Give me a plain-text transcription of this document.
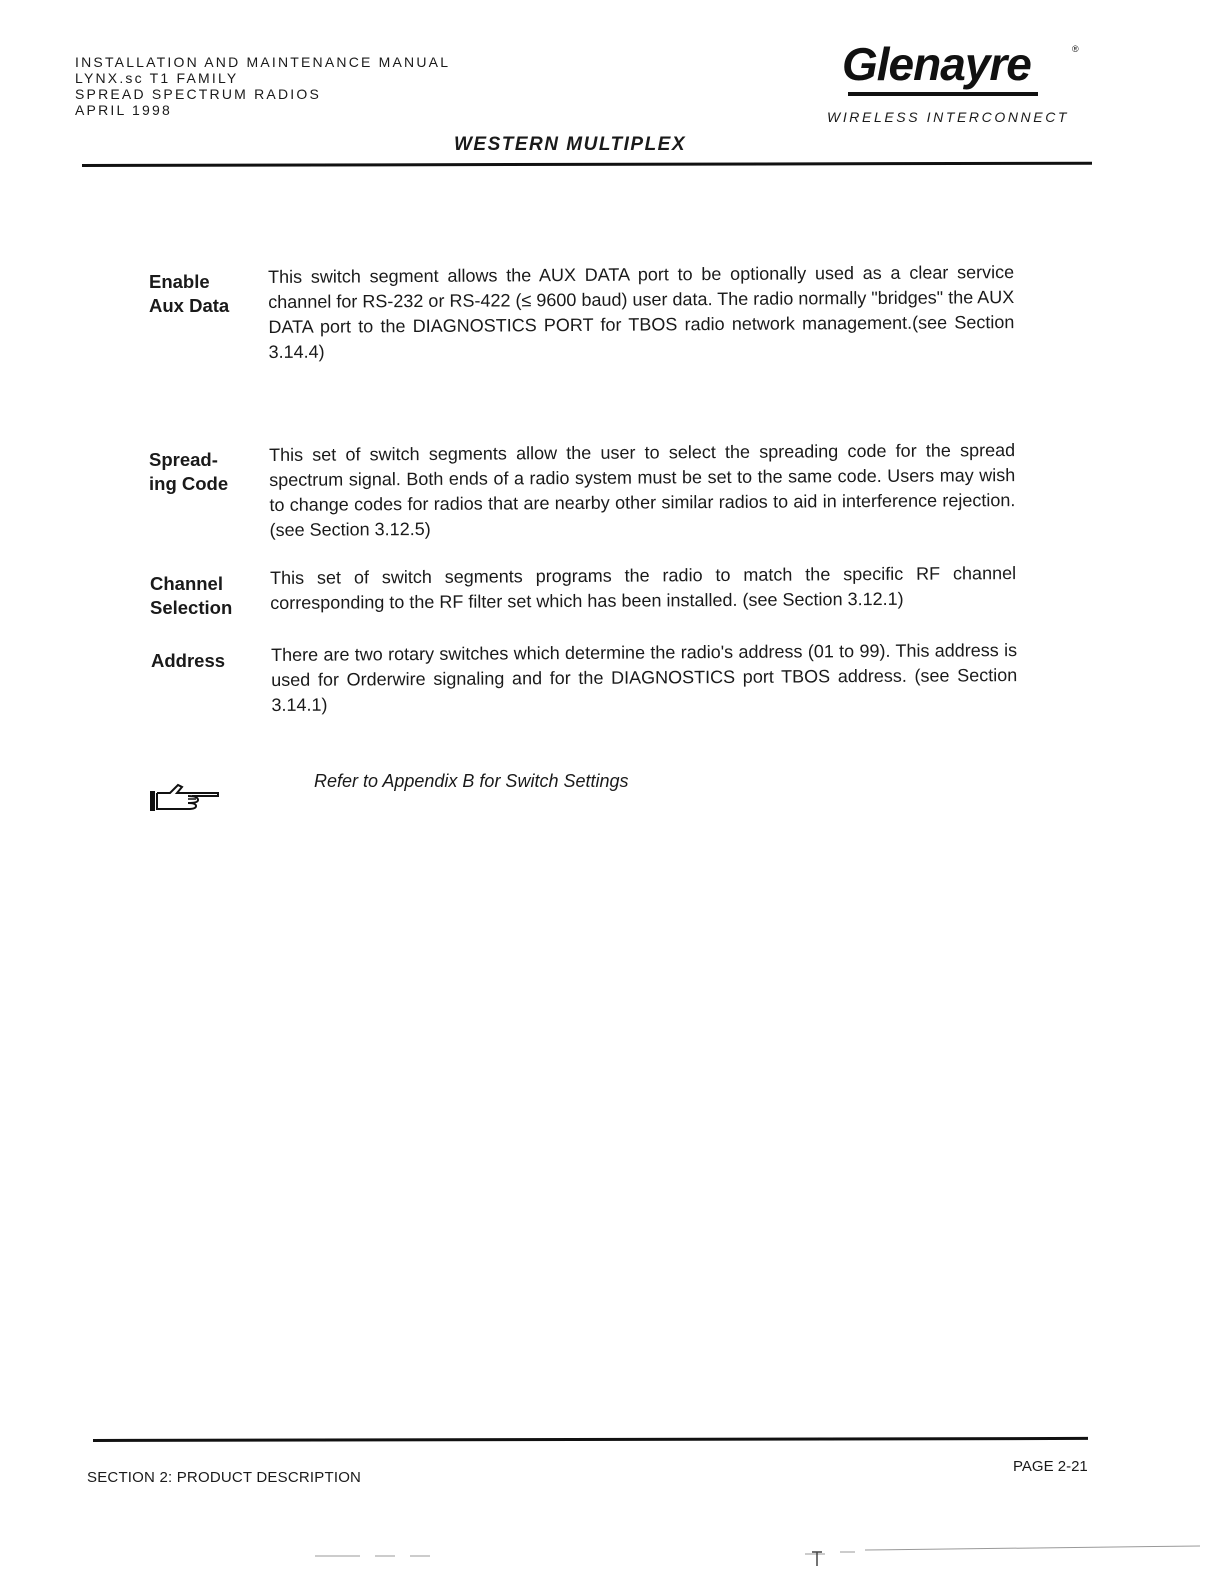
INSTALLATION AND MAINTENANCE MANUAL
LYNX.sc T1 FAMILY
SPREAD SPECTRUM RADIOS
APRIL 1998
Glenayre	®
WIRELESS INTERCONNECT
WESTERN MULTIPLEX
Enable
Aux Data
This switch segment allows the AUX DATA port to be optionally used as a clear service channel for RS-232 or RS-422 (≤ 9600 baud) user data. The radio normally "bridges" the AUX DATA port to the DIAGNOSTICS PORT for TBOS radio network management.(see Section 3.14.4)
Spread-
ing Code
This set of switch segments allow the user to select the spreading code for the spread spectrum signal. Both ends of a radio system must be set to the same code. Users may wish to change codes for radios that are nearby other similar radios to aid in interference rejection. (see Section 3.12.5)
Channel
Selection
This set of switch segments programs the radio to match the specific RF channel corresponding to the RF filter set which has been installed. (see Section 3.12.1)
Address	There are two rotary switches which determine the radio's address (01 to 99). This address is used for Orderwire signaling and for the DIAGNOSTICS port TBOS address. (see Section 3.14.1)
Refer to Appendix B for Switch Settings
SECTION 2: PRODUCT DESCRIPTION
PAGE 2-21
